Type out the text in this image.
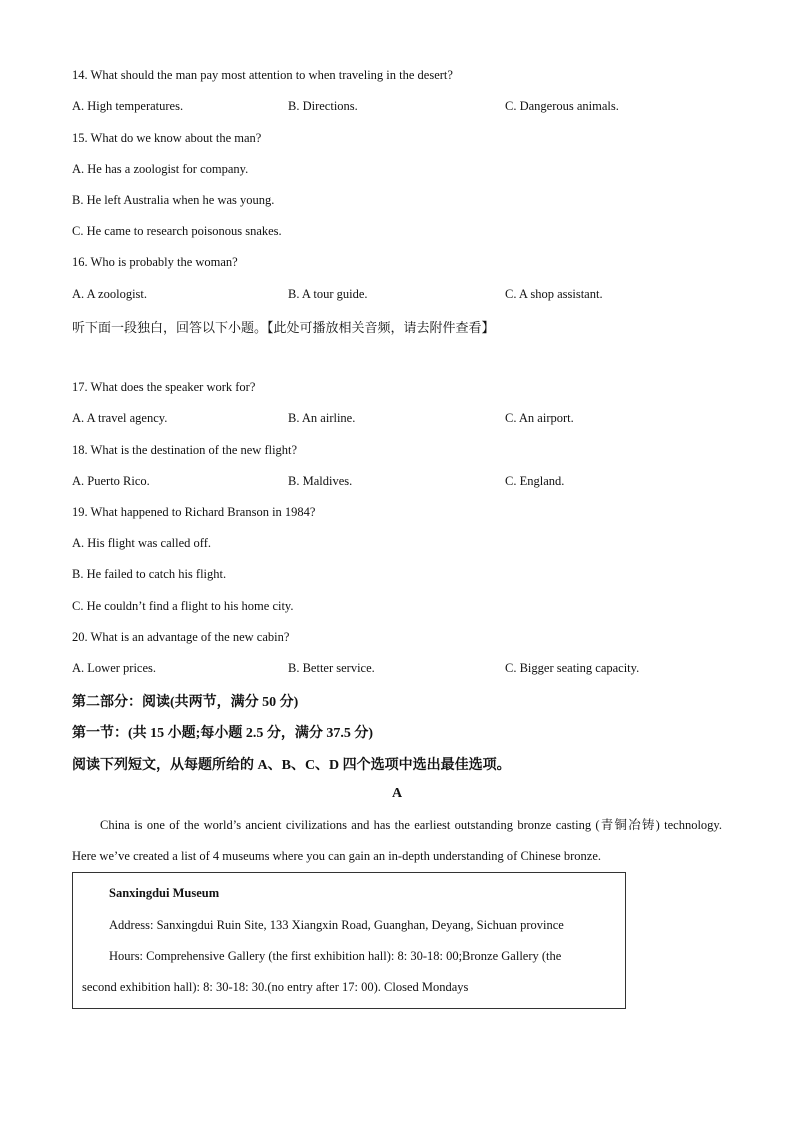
14. What should the man pay most attention to when traveling in the desert?
A. High temperatures.	B. Directions.	C. Dangerous animals.
15. What do we know about the man?
A. He has a zoologist for company.
B. He left Australia when he was young.
C. He came to research poisonous snakes.
16. Who is probably the woman?
A. A zoologist.	B. A tour guide.	C. A shop assistant.
听下面一段独白，回答以下小题。【此处可播放相关音频，请去附件查看】
17. What does the speaker work for?
A. A travel agency.	B. An airline.	C. An airport.
18. What is the destination of the new flight?
A. Puerto Rico.	B. Maldives.	C. England.
19. What happened to Richard Branson in 1984?
A. His flight was called off.
B. He failed to catch his flight.
C. He couldn’t find a flight to his home city.
20. What is an advantage of the new cabin?
A. Lower prices.	B. Better service.	C. Bigger seating capacity.
第二部分：阅读(共两节，满分 50 分)
第一节：(共 15 小题;每小题 2.5 分，满分 37.5 分)
阅读下列短文，从每题所给的 A、B、C、D 四个选项中选出最佳选项。
A
China is one of the world’s ancient civilizations and has the earliest outstanding bronze casting (青铜冶铸) technology. Here we’ve created a list of 4 museums where you can gain an in-depth understanding of Chinese bronze.
Sanxingdui Museum
Address: Sanxingdui Ruin Site, 133 Xiangxin Road, Guanghan, Deyang, Sichuan province
Hours: Comprehensive Gallery (the first exhibition hall): 8: 30-18: 00;Bronze Gallery (the
second exhibition hall): 8: 30-18: 30.(no entry after 17: 00). Closed Mondays
